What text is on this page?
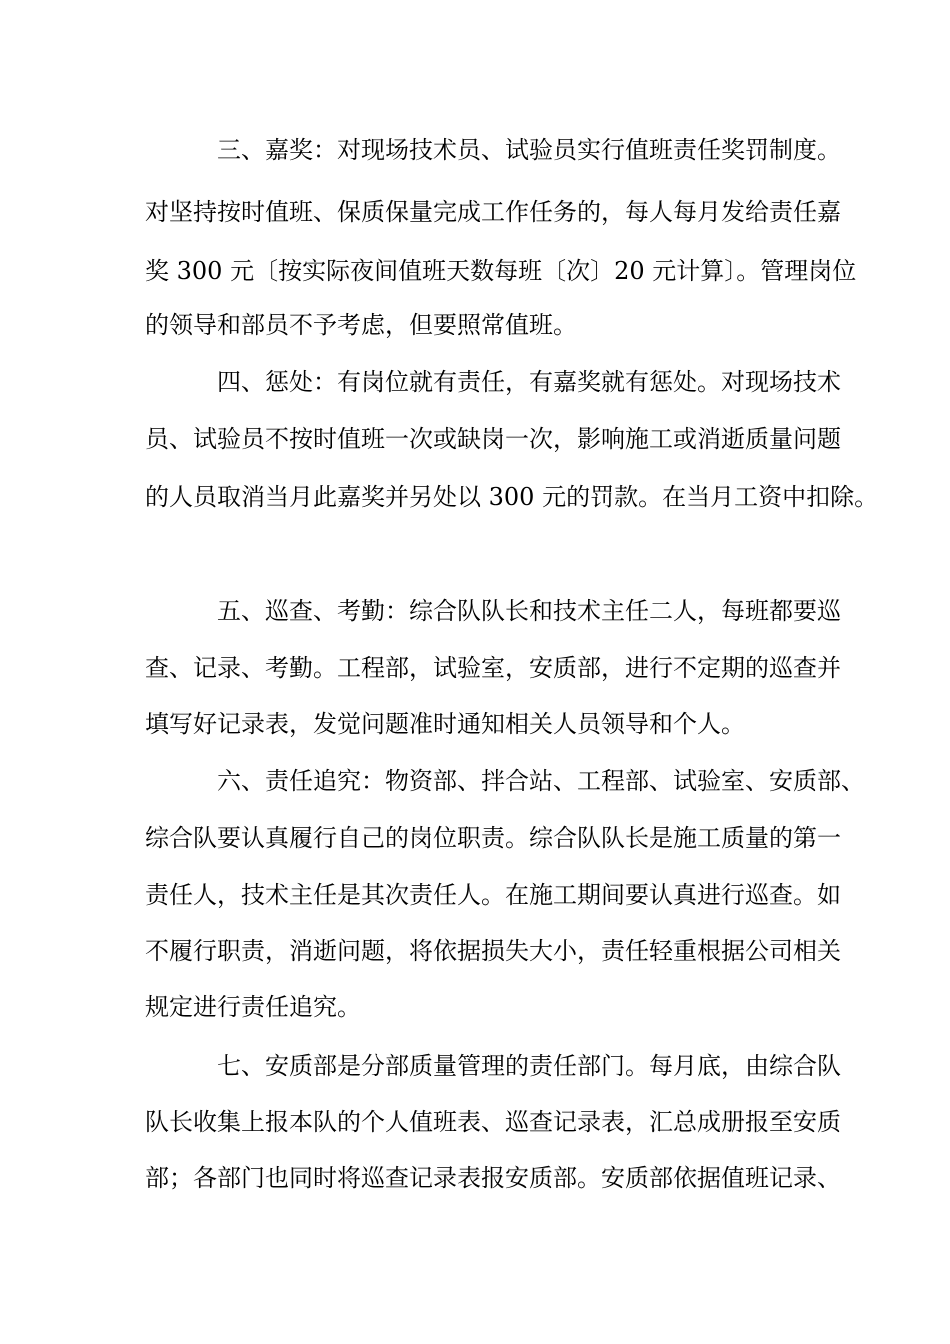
三、嘉奖：对现场技术员、试验员实行值班责任奖罚制度。
对坚持按时值班、保质保量完成工作任务的，每人每月发给责任嘉
奖 300 元〔按实际夜间值班天数每班〔次〕20 元计算〕。管理岗位
的领导和部员不予考虑，但要照常值班。
四、惩处：有岗位就有责任，有嘉奖就有惩处。对现场技术
员、试验员不按时值班一次或缺岗一次，影响施工或消逝质量问题
的人员取消当月此嘉奖并另处以 300 元的罚款。在当月工资中扣除。
五、巡查、考勤：综合队队长和技术主任二人，每班都要巡
查、记录、考勤。工程部，试验室，安质部，进行不定期的巡查并
填写好记录表，发觉问题准时通知相关人员领导和个人。
六、责任追究：物资部、拌合站、工程部、试验室、安质部、
综合队要认真履行自己的岗位职责。综合队队长是施工质量的第一
责任人，技术主任是其次责任人。在施工期间要认真进行巡查。如
不履行职责，消逝问题，将依据损失大小，责任轻重根据公司相关
规定进行责任追究。
七、安质部是分部质量管理的责任部门。每月底，由综合队
队长收集上报本队的个人值班表、巡查记录表，汇总成册报至安质
部；各部门也同时将巡查记录表报安质部。安质部依据值班记录、
